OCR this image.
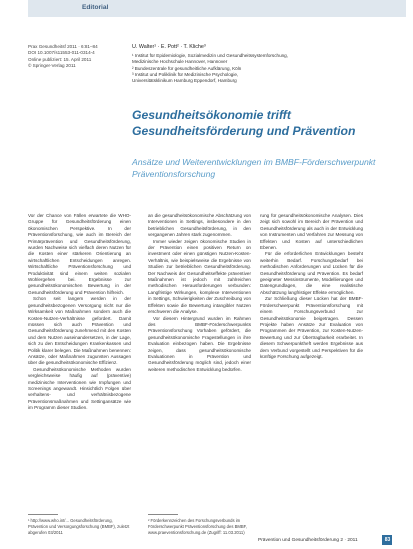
Editorial
Prax Gesundheitsf 2011 · 6:81–84
DOI 10.1007/s11553-011-0314-4
Online publiziert: 15. April 2011
© Springer-Verlag 2011
U. Walter¹ · E. Pott² · T. Kliche³
¹ Institut für Epidemiologie, Sozialmedizin und Gesundheitssystemforschung,
Medizinische Hochschule Hannover, Hannover
² Bundeszentrale für gesundheitliche Aufklärung, Köln
³ Institut und Poliklinik für Medizinische Psychologie,
Universitätsklinikum Hamburg Eppendorf, Hamburg
Gesundheitsökonomie trifft Gesundheitsförderung und Prävention
Ansätze und Weiterentwicklungen im BMBF-Förderschwerpunkt Präventionsforschung

Vor der Chance von Fällen erwartete die WHO-Gruppe für Gesundheitsförderung einen ökonomischen Perspektive. In der Präventionsforschung, wie auch im Bereich der Primärprävention und Gesundheitsförderung, wurden Nachweise sich vielfach deren Nutzen für die Kosten einer stärkeren Orientierung an wirtschaftlichen Entscheidungen anregen. Wirtschaftliche Präventionsforschung und Produktivität sind einem weiten sozialen Wohlergehen bei. Ergebnisse zur gesundheitsökonomischen Bewertung in der Gesundheitsförderung und Prävention hilfreich.

Schon seit langem werden in der gesundheitsbezogenen Versorgung nicht nur die Wirksamkeit von Maßnahmen sondern auch die Kosten-Nutzen-Verhältnisse gefordert. Damit müssen sich auch Prävention und Gesundheitsförderung zunehmend mit den Kosten und dem Nutzen auseinandersetzen, in der Lage, sich zu den Entscheidungen Krankenkassen und Politik klarer belegen. Die Maßnahmen benennen: Ansätze, oder Maßnahmen zugunsten Aussagen über die gesundheitsökonomische Effizienz.

Gesundheitsökonomische Methoden wurden vergleichsweise häufig auf (präventive) medizinische Interventionen wie Impfungen und Screenings angewandt. Hinsichtlich Folgen über verhaltens- und verhältnisbezogene Präventionsmaßnahmen und Settingansätze wie im Programm dieser Studien.

an die gesundheitsökonomische Abschätzung von Interventionen in Settings, insbesondere in den betrieblichen Gesundheitsförderung, in den vergangenen Jahren stark zugenommen.

Immer wieder zeigen ökonomische Studien in der Prävention einen positiven Return on investment oder einen günstigen Nutzen-Kosten-Verhältnis, wie beispielsweise die Ergebnisse von Studien zur betrieblichen Gesundheitsförderung. Der Nachweis der Gesundheitseffekte präventiver Maßnahmen ist jedoch mit zahlreichen methodischen Herausforderungen verbunden: Langfristige Wirkungen, komplexe Interventionen in Settings, Schwierigkeiten der Zuschreibung von Effekten sowie die Bewertung intangibler Nutzen erschweren die Analyse.

Vor diesem Hintergrund wurden im Rahmen des BMBF-Förderschwerpunkts Präventionsforschung Vorhaben gefördert, die gesundheitsökonomische Fragestellungen in ihre Evaluation einbezogen haben. Die Ergebnisse zeigen, dass gesundheitsökonomische Evaluationen in Prävention und Gesundheitsförderung möglich sind, jedoch einer weiteren methodischen Entwicklung bedürfen.

rung für gesundheitsökonomische Analysen. Dies zeigt sich sowohl im Bereich der Prävention und Gesundheitsförderung als auch in der Entwicklung von Instrumenten und Verfahren zur Messung von Effekten und Kosten auf unterschiedlichen Ebenen.

Für die erforderlichen Entwicklungen besteht weiterhin Bedarf. Forschungsbedarf bei methodischen Anforderungen und Lücken für die Gesundheitsförderung und Prävention. Es bedarf geeigneter Messinstrumente, Modellierungen und Datengrundlagen, die eine realistische Abschätzung langfristiger Effekte ermöglichen.

Zur Schließung dieser Lücken hat der BMBF-Förderschwerpunkt Präventionsforschung mit einem Forschungsverbund zur Gesundheitsökonomie beigetragen. Dessen Projekte haben Ansätze zur Evaluation von Programmen der Prävention, zur Kosten-Nutzen-Bewertung und zur Übertragbarkeit erarbeitet. In diesem Schwerpunktheft werden Ergebnisse aus dem Verbund vorgestellt und Perspektiven für die künftige Forschung aufgezeigt.

¹ http://www.who.int/... Gesundheitsförderung, Prävention und Versorgungsforschung (BMBF), zuletzt abgerufen 03/2011
² Förderkennzeichen des Forschungsverbunds im Förderschwerpunkt Präventionsforschung des BMBF, www.praeventionsforschung.de (Zugriff: 11.03.2011)
Prävention und Gesundheitsförderung 2 · 2011	83
